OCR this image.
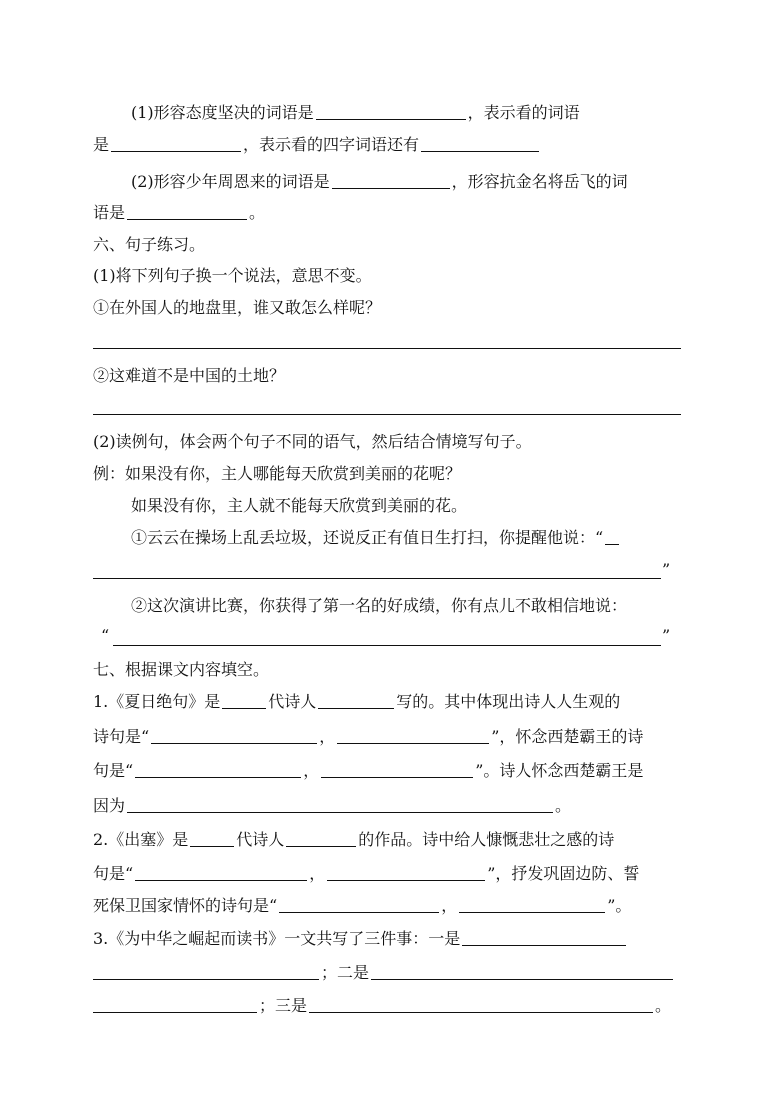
(1)形容态度坚决的词语是	，表示看的词语
是	，表示看的四字词语还有
(2)形容少年周恩来的词语是	，形容抗金名将岳飞的词
语是	。
六、句子练习。
(1)将下列句子换一个说法，意思不变。
①在外国人的地盘里，谁又敢怎么样呢？
②这难道不是中国的土地？
(2)读例句，体会两个句子不同的语气，然后结合情境写句子。
例：如果没有你，主人哪能每天欣赏到美丽的花呢？
如果没有你，主人就不能每天欣赏到美丽的花。
①云云在操场上乱丢垃圾，还说反正有值日生打扫，你提醒他说：“
”
②这次演讲比赛，你获得了第一名的好成绩，你有点儿不敢相信地说：
“	”
七、根据课文内容填空。
1.《夏日绝句》是	代诗人	写的。其中体现出诗人人生观的
诗句是“	，	”，怀念西楚霸王的诗
句是“	，	”。诗人怀念西楚霸王是
因为	。
2.《出塞》是	代诗人	的作品。诗中给人慷慨悲壮之感的诗
句是“	，	”，抒发巩固边防、誓
死保卫国家情怀的诗句是“	，	”。
3.《为中华之崛起而读书》一文共写了三件事：一是
；二是
；三是	。
